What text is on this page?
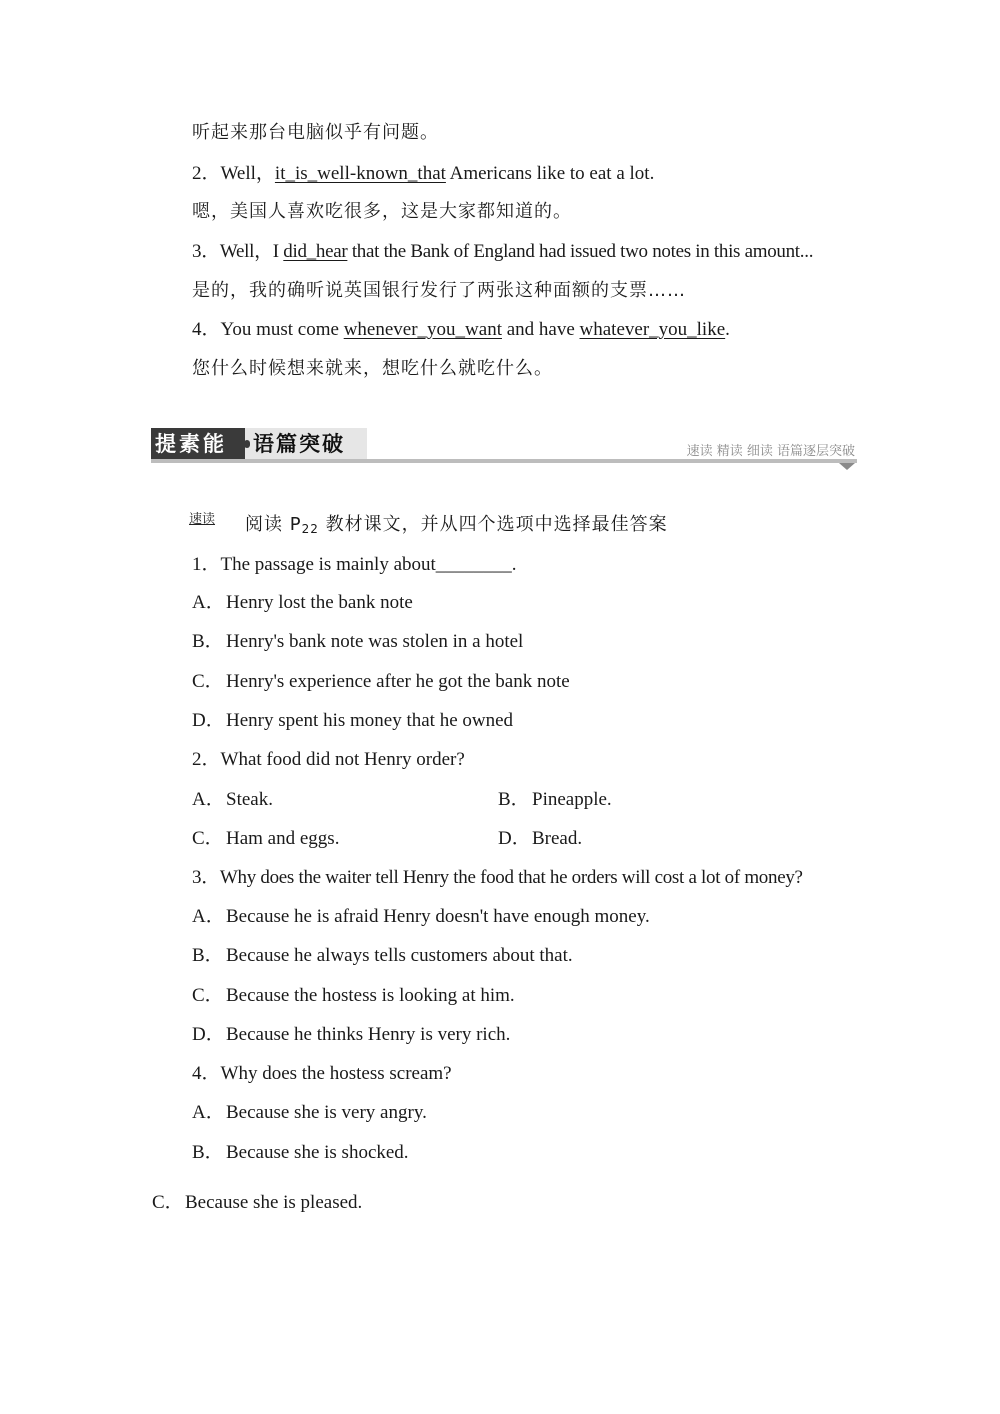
听起来那台电脑似乎有问题。
2．Well，it_is_well-known_that Americans like to eat a lot.
嗯，美国人喜欢吃很多，这是大家都知道的。
3．Well，I did_hear that the Bank of England had issued two notes in this amount...
是的，我的确听说英国银行发行了两张这种面额的支票……
4．You must come whenever_you_want and have whatever_you_like.
您什么时候想来就来，想吃什么就吃什么。
提素能	语篇突破	速读 精读 细读 语篇逐层突破
速读 阅读 $P_{22}$ 教材课文，并从四个选项中选择最佳答案
1．The passage is mainly about________.
A．Henry lost the bank note
B． Henry's bank note was stolen in a hotel
C． Henry's experience after he got the bank note
D．Henry spent his money that he owned
2．What food did not Henry order?
A．Steak.	B． Pineapple.
C． Ham and eggs.	D．Bread.
3．Why does the waiter tell Henry the food that he orders will cost a lot of money?
A．Because he is afraid Henry doesn't have enough money.
B． Because he always tells customers about that.
C． Because the hostess is looking at him.
D．Because he thinks Henry is very rich.
4．Why does the hostess scream?
A．Because she is very angry.
B． Because she is shocked.
C．Because she is pleased.
